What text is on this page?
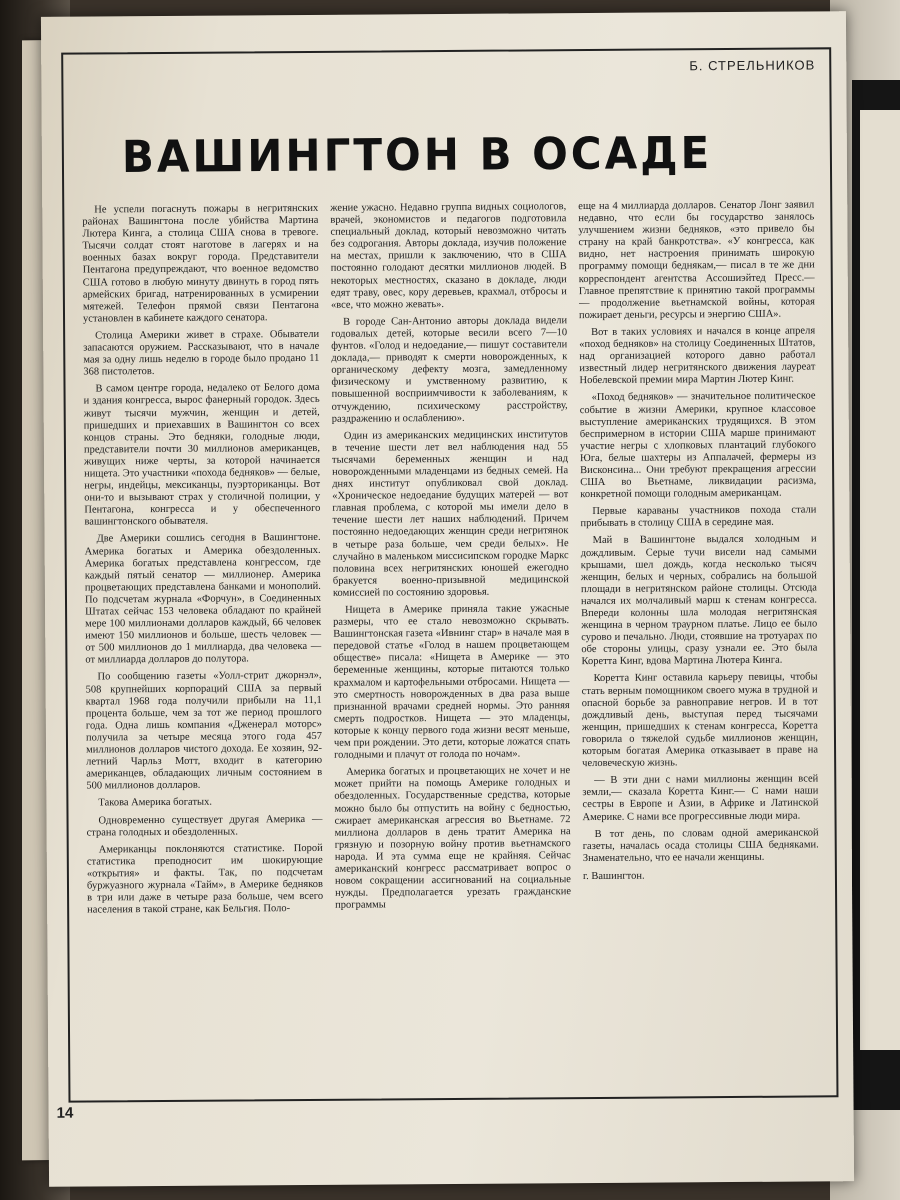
Б. СТРЕЛЬНИКОВ
ВАШИНГТОН В ОСАДЕ

Не успели погаснуть пожары в негритянских районах Вашингтона после убийства Мартина Лютера Кинга, а столица США снова в тревоге. Тысячи солдат стоят наготове в лагерях и на военных базах вокруг города. Представители Пентагона предупреждают, что военное ведомство США готово в любую минуту двинуть в город пять армейских бригад, натренированных в усмирении мятежей. Телефон прямой связи Пентагона установлен в кабинете каждого сенатора.

Столица Америки живет в страхе. Обыватели запасаются оружием. Рассказывают, что в начале мая за одну лишь неделю в городе было продано 11 368 пистолетов.

В самом центре города, недалеко от Белого дома и здания конгресса, вырос фанерный городок. Здесь живут тысячи мужчин, женщин и детей, пришедших и приехавших в Вашингтон со всех концов страны. Это бедняки, голодные люди, представители почти 30 миллионов американцев, живущих ниже черты, за которой начинается нищета. Это участники «похода бедняков» — белые, негры, индейцы, мексиканцы, пуэрториканцы. Вот они-то и вызывают страх у столичной полиции, у Пентагона, конгресса и у обеспеченного вашингтонского обывателя.

Две Америки сошлись сегодня в Вашингтоне. Америка богатых и Америка обездоленных. Америка богатых представлена конгрессом, где каждый пятый сенатор — миллионер. Америка процветающих представлена банками и монополий. По подсчетам журнала «Форчун», в Соединенных Штатах сейчас 153 человека обладают по крайней мере 100 миллионами долларов каждый, 66 человек имеют 150 миллионов и больше, шесть человек — от 500 миллионов до 1 миллиарда, два человека — от миллиарда долларов до полутора.

По сообщению газеты «Уолл-стрит джорнэл», 508 крупнейших корпораций США за первый квартал 1968 года получили прибыли на 11,1 процента больше, чем за тот же период прошлого года. Одна лишь компания «Дженерал моторс» получила за четыре месяца этого года 457 миллионов долларов чистого дохода. Ее хозяин, 92-летний Чарльз Мотт, входит в категорию американцев, обладающих личным состоянием в 500 миллионов долларов.

Такова Америка богатых.

Одновременно существует другая Америка — страна голодных и обездоленных.

Американцы поклоняются статистике. Порой статистика преподносит им шокирующие «открытия» и факты. Так, по подсчетам буржуазного журнала «Тайм», в Америке бедняков в три или даже в четыре раза больше, чем всего населения в такой стране, как Бельгия. Поло-

жение ужасно. Недавно группа видных социологов, врачей, экономистов и педагогов подготовила специальный доклад, который невозможно читать без содрогания. Авторы доклада, изучив положение на местах, пришли к заключению, что в США постоянно голодают десятки миллионов людей. В некоторых местностях, сказано в докладе, люди едят траву, овес, кору деревьев, крахмал, отбросы и «все, что можно жевать».

В городе Сан-Антонио авторы доклада видели годовалых детей, которые весили всего 7—10 фунтов. «Голод и недоедание,— пишут составители доклада,— приводят к смерти новорожденных, к органическому дефекту мозга, замедленному физическому и умственному развитию, к повышенной восприимчивости к заболеваниям, к отчуждению, психическому расстройству, раздражению и ослаблению».

Один из американских медицинских институтов в течение шести лет вел наблюдения над 55 тысячами беременных женщин и над новорожденными младенцами из бедных семей. На днях институт опубликовал свой доклад. «Хроническое недоедание будущих матерей — вот главная проблема, с которой мы имели дело в течение шести лет наших наблюдений. Причем постоянно недоедающих женщин среди негритянок в четыре раза больше, чем среди белых». Не случайно в маленьком миссисипском городке Маркс половина всех негритянских юношей ежегодно бракуется военно-призывной медицинской комиссией по состоянию здоровья.

Нищета в Америке приняла такие ужасные размеры, что ее стало невозможно скрывать. Вашингтонская газета «Ивнинг стар» в начале мая в передовой статье «Голод в нашем процветающем обществе» писала: «Нищета в Америке — это беременные женщины, которые питаются только крахмалом и картофельными отбросами. Нищета — это смертность новорожденных в два раза выше признанной врачами средней нормы. Это ранняя смерть подростков. Нищета — это младенцы, которые к концу первого года жизни весят меньше, чем при рождении. Это дети, которые ложатся спать голодными и плачут от голода по ночам».

Америка богатых и процветающих не хочет и не может прийти на помощь Америке голодных и обездоленных. Государственные средства, которые можно было бы отпустить на войну с бедностью, сжирает американская агрессия во Вьетнаме. 72 миллиона долларов в день тратит Америка на грязную и позорную войну против вьетнамского народа. И эта сумма еще не крайняя. Сейчас американский конгресс рассматривает вопрос о новом сокращении ассигнований на социальные нужды. Предполагается урезать гражданские программы

еще на 4 миллиарда долларов. Сенатор Лонг заявил недавно, что если бы государство занялось улучшением жизни бедняков, «это привело бы страну на край банкротства». «У конгресса, как видно, нет настроения принимать широкую программу помощи беднякам,— писал в те же дни корреспондент агентства Ассошиэйтед Пресс.— Главное препятствие к принятию такой программы — продолжение вьетнамской войны, которая пожирает деньги, ресурсы и энергию США».

Вот в таких условиях и начался в конце апреля «поход бедняков» на столицу Соединенных Штатов, над организацией которого давно работал известный лидер негритянского движения лауреат Нобелевской премии мира Мартин Лютер Кинг.

«Поход бедняков» — значительное политическое событие в жизни Америки, крупное классовое выступление американских трудящихся. В этом беспримерном в истории США марше принимают участие негры с хлопковых плантаций глубокого Юга, белые шахтеры из Аппалачей, фермеры из Висконсина... Они требуют прекращения агрессии США во Вьетнаме, ликвидации расизма, конкретной помощи голодным американцам.

Первые караваны участников похода стали прибывать в столицу США в середине мая.

Май в Вашингтоне выдался холодным и дождливым. Серые тучи висели над самыми крышами, шел дождь, когда несколько тысяч женщин, белых и черных, собрались на большой площади в негритянском районе столицы. Отсюда начался их молчаливый марш к стенам конгресса. Впереди колонны шла молодая негритянская женщина в черном траурном платье. Лицо ее было сурово и печально. Люди, стоявшие на тротуарах по обе стороны улицы, сразу узнали ее. Это была Коретта Кинг, вдова Мартина Лютера Кинга.

Коретта Кинг оставила карьеру певицы, чтобы стать верным помощником своего мужа в трудной и опасной борьбе за равноправие негров. И в тот дождливый день, выступая перед тысячами женщин, пришедших к стенам конгресса, Коретта говорила о тяжелой судьбе миллионов женщин, которым богатая Америка отказывает в праве на человеческую жизнь.

— В эти дни с нами миллионы женщин всей земли,— сказала Коретта Кинг.— С нами наши сестры в Европе и Азии, в Африке и Латинской Америке. С нами все прогрессивные люди мира.

В тот день, по словам одной американской газеты, началась осада столицы США бедняками. Знаменательно, что ее начали женщины.

г. Вашингтон.

14
